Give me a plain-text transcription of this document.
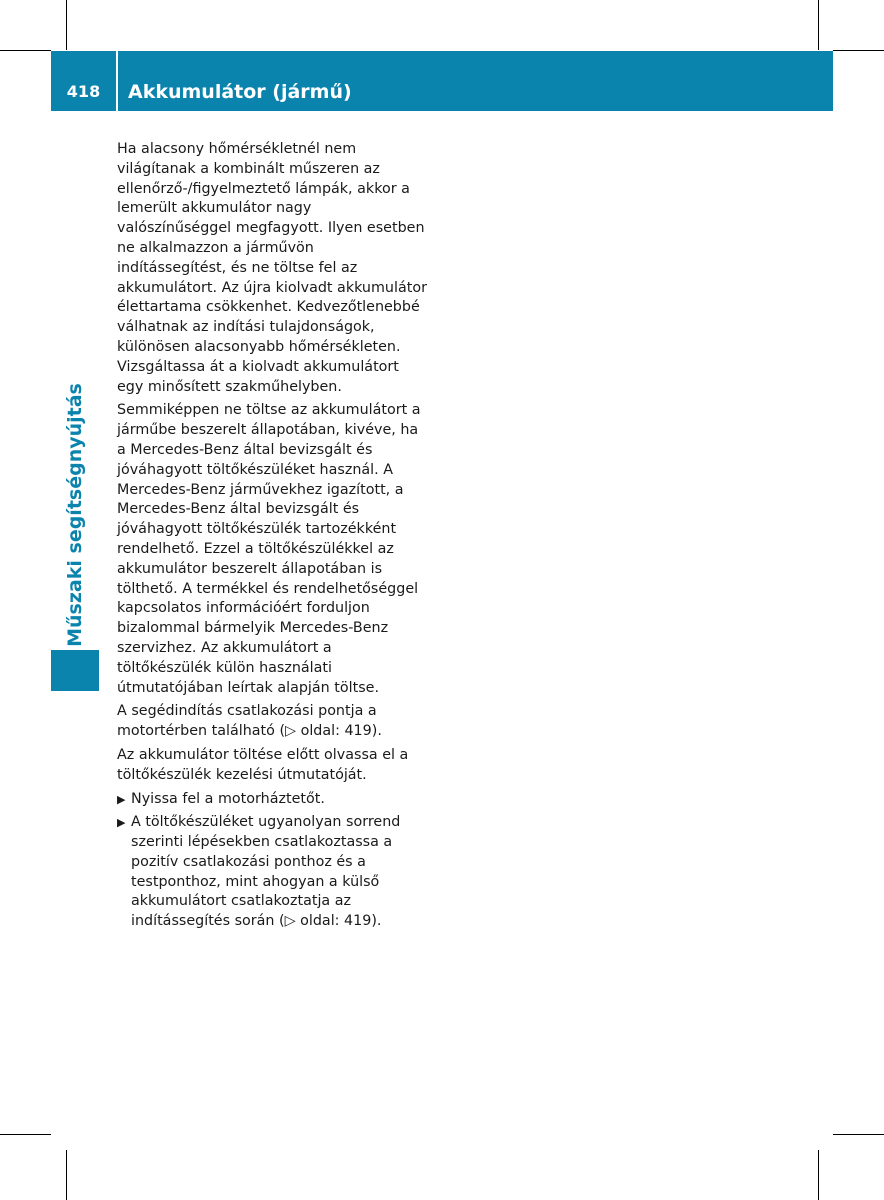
418	Akkumulátor (jármű)
Műszaki segítségnyújtás

Ha alacsony hőmérsékletnél nem világítanak a kombinált műszeren az ellenőrző-/figyelmeztető lámpák, akkor a lemerült akkumulátor nagy valószínűséggel megfagyott. Ilyen esetben ne alkalmazzon a járművön indítássegítést, és ne töltse fel az akkumulátort. Az újra kiolvadt akkumulátor élettartama csökkenhet. Kedvezőtlenebbé válhatnak az indítási tulajdonságok, különösen alacsonyabb hőmérsékleten. Vizsgáltassa át a kiolvadt akkumulátort egy minősített szakműhelyben.

Semmiképpen ne töltse az akkumulátort a járműbe beszerelt állapotában, kivéve, ha a Mercedes-Benz által bevizsgált és jóváhagyott töltőkészüléket használ. A Mercedes-Benz járművekhez igazított, a Mercedes-Benz által bevizsgált és jóváhagyott töltőkészülék tartozékként rendelhető. Ezzel a töltőkészülékkel az akkumulátor beszerelt állapotában is tölthető. A termékkel és rendelhetőséggel kapcsolatos információért forduljon bizalommal bármelyik Mercedes-Benz szervizhez. Az akkumulátort a töltőkészülék külön használati útmutatójában leírtak alapján töltse.

A segédindítás csatlakozási pontja a motortérben található (▷ oldal: 419).

Az akkumulátor töltése előtt olvassa el a töltőkészülék kezelési útmutatóját.

▶ Nyissa fel a motorháztetőt.
▶ A töltőkészüléket ugyanolyan sorrend szerinti lépésekben csatlakoztassa a pozitív csatlakozási ponthoz és a testponthoz, mint ahogyan a külső akkumulátort csatlakoztatja az indítássegítés során (▷ oldal: 419).
